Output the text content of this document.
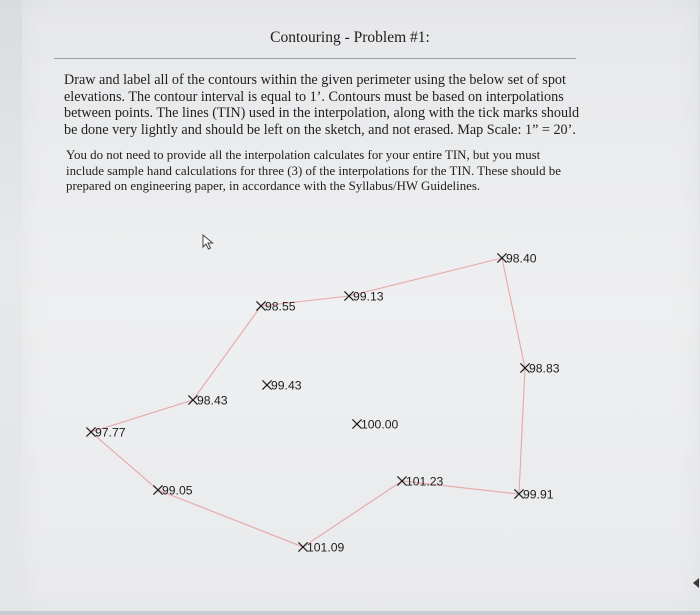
Contouring - Problem #1:
Draw and label all of the contours within the given perimeter using the below set of spot
elevations. The contour interval is equal to 1’. Contours must be based on interpolations
between points. The lines (TIN) used in the interpolation, along with the tick marks should
be done very lightly and should be left on the sketch, and not erased. Map Scale: 1” = 20’.
You do not need to provide all the interpolation calculates for your entire TIN, but you must
include sample hand calculations for three (3) of the interpolations for the TIN. These should be
prepared on engineering paper, in accordance with the Syllabus/HW Guidelines.
98.40
98.55
99.13
98.83
99.43
98.43
97.77
100.00
101.23
99.05	99.91
101.09
